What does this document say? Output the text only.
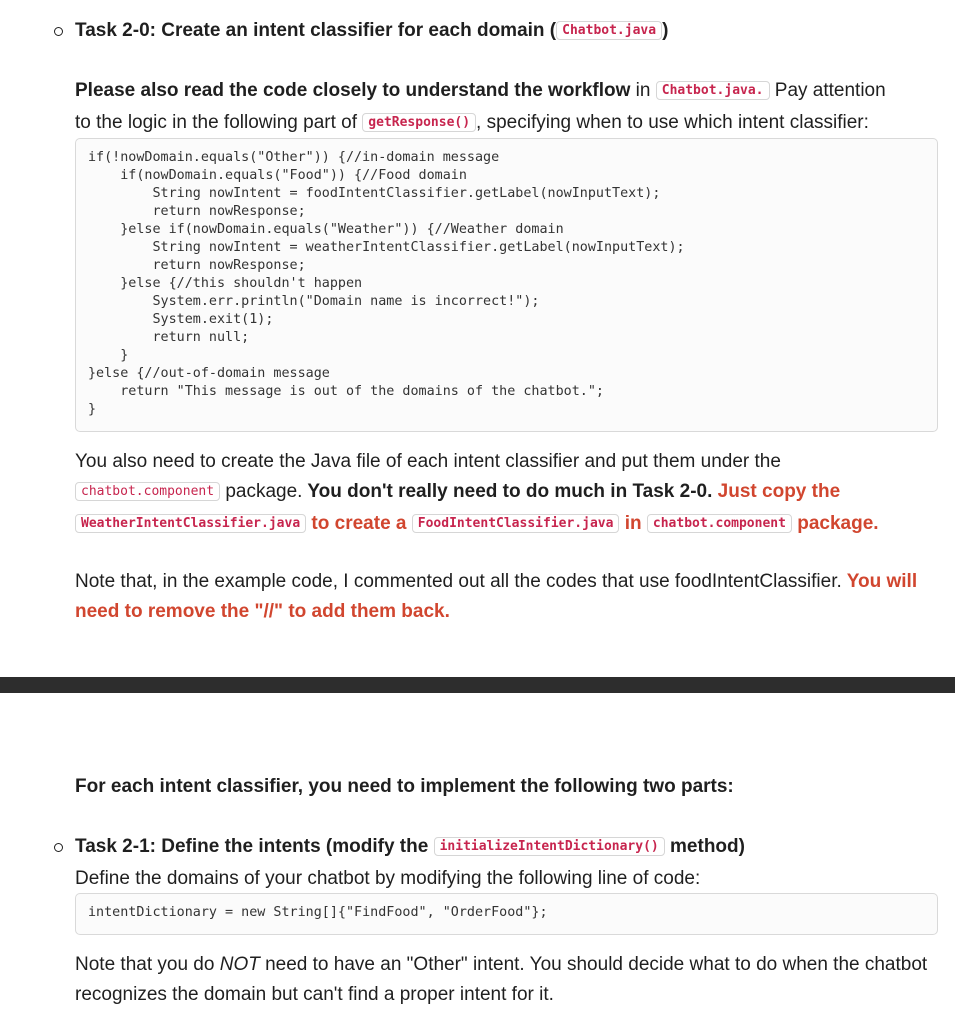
Task 2-0: Create an intent classifier for each domain ( Chatbot.java )
Please also read the code closely to understand the workflow in Chatbot.java. Pay attention
to the logic in the following part of getResponse() , specifying when to use which intent classifier:
if(!nowDomain.equals("Other")) {//in-domain message
if(nowDomain.equals("Food")) {//Food domain
String nowIntent = foodIntentClassifier.getLabel(nowInputText);
return nowResponse;
}else if(nowDomain.equals("Weather")) {//Weather domain
String nowIntent = weatherIntentClassifier.getLabel(nowInputText);
return nowResponse;
}else {//this shouldn't happen
System.err.println("Domain name is incorrect!");
System.exit(1);
return null;
}
}else {//out-of-domain message
return "This message is out of the domains of the chatbot.";
}
You also need to create the Java file of each intent classifier and put them under the
chatbot.component package. You don't really need to do much in Task 2-0. Just copy the
WeatherIntentClassifier.java to create a FoodIntentClassifier.java in chatbot.component package.
Note that, in the example code, I commented out all the codes that use foodIntentClassifier. You will need to remove the "//" to add them back.
For each intent classifier, you need to implement the following two parts:
Task 2-1: Define the intents (modify the initializeIntentDictionary() method)
Define the domains of your chatbot by modifying the following line of code:
intentDictionary = new String[]{"FindFood", "OrderFood"};
Note that you do NOT need to have an "Other" intent. You should decide what to do when the chatbot recognizes the domain but can't find a proper intent for it.
